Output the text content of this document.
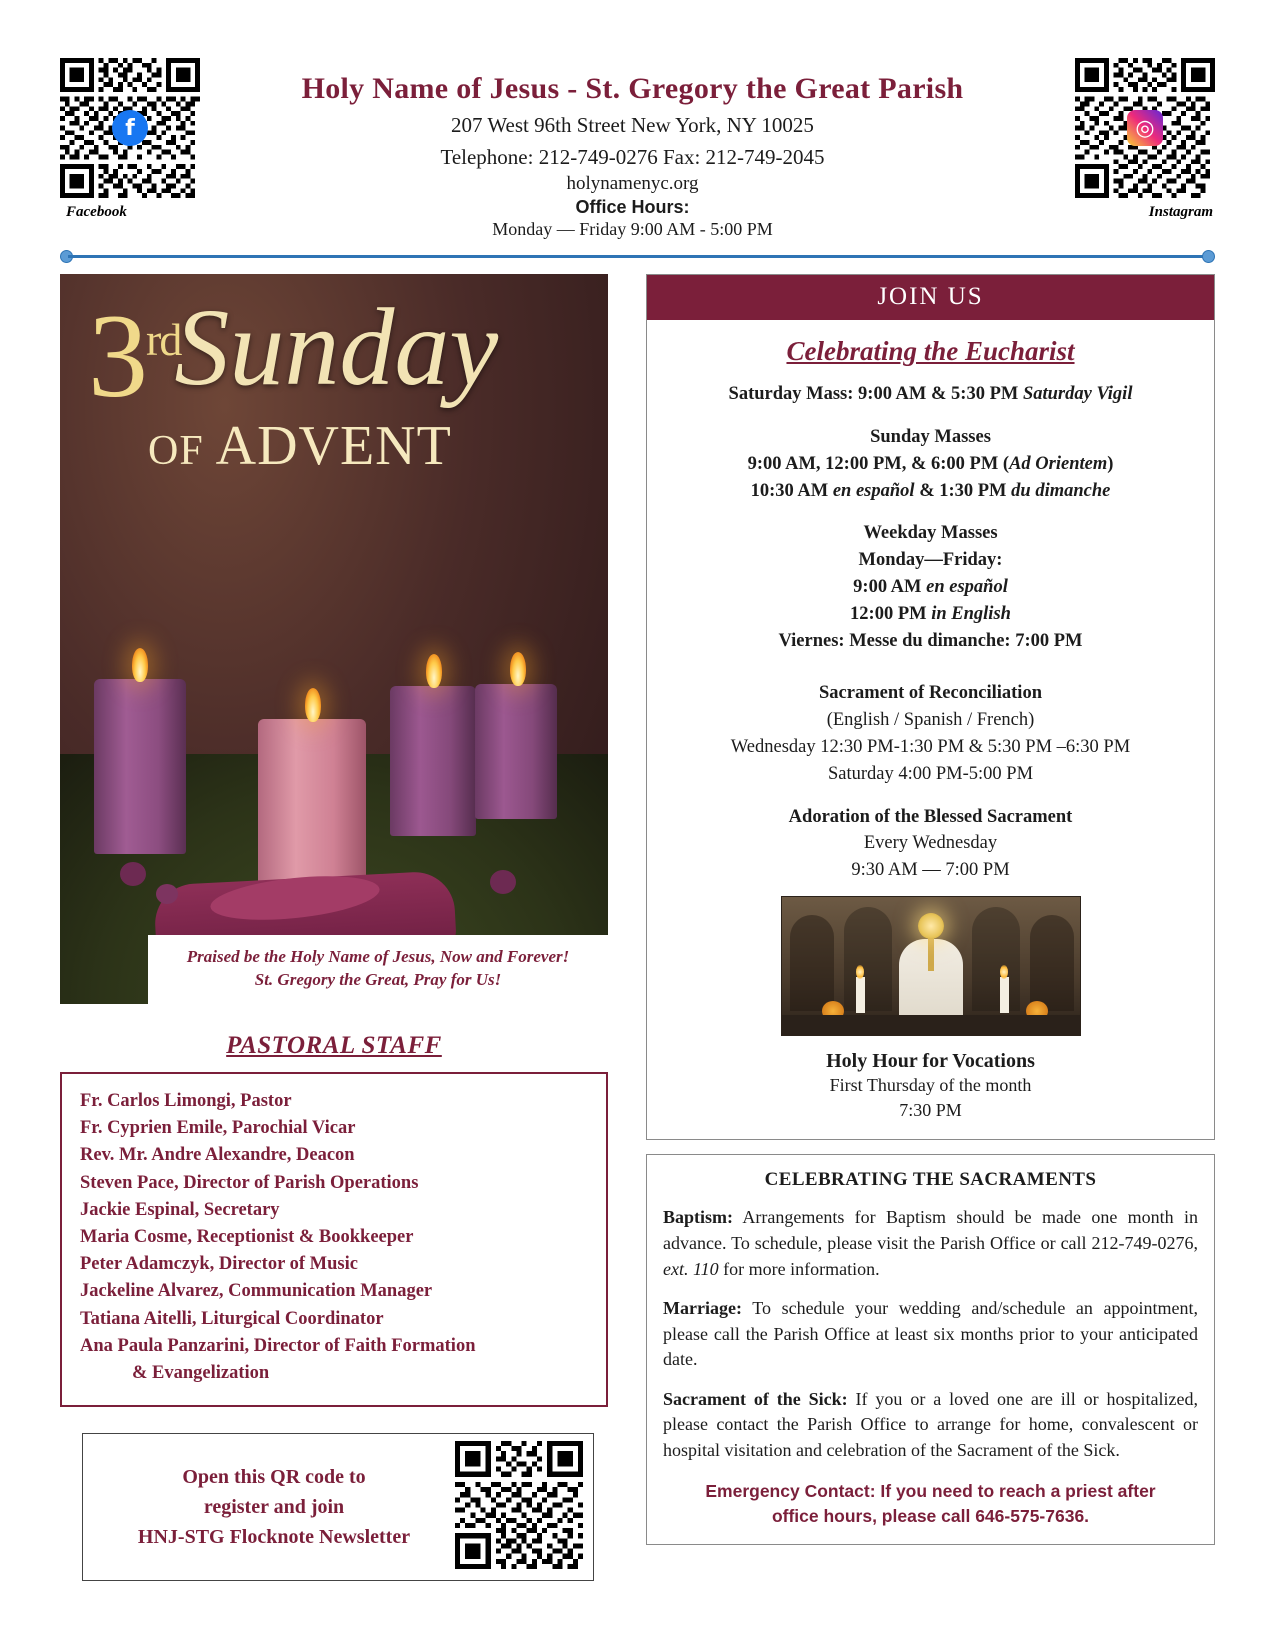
f
Facebook
Holy Name of Jesus - St. Gregory the Great Parish
207 West 96th Street New York, NY 10025
Telephone: 212-749-0276 Fax: 212-749-2045
holynamenyc.org
Office Hours:
Monday — Friday 9:00 AM - 5:00 PM
◎
Instagram
3rdSunday
OF ADVENT
Praised be the Holy Name of Jesus, Now and Forever!
St. Gregory the Great, Pray for Us!
PASTORAL STAFF
Fr. Carlos Limongi, Pastor
Fr. Cyprien Emile, Parochial Vicar
Rev. Mr. Andre Alexandre, Deacon
Steven Pace, Director of Parish Operations
Jackie Espinal, Secretary
Maria Cosme, Receptionist & Bookkeeper
Peter Adamczyk, Director of Music
Jackeline Alvarez, Communication Manager
Tatiana Aitelli, Liturgical Coordinator
Ana Paula Panzarini, Director of Faith Formation
& Evangelization
Open this QR code to
register and join
HNJ-STG Flocknote Newsletter
JOIN US
Celebrating the Eucharist
Saturday Mass: 9:00 AM & 5:30 PM Saturday Vigil
Sunday Masses
9:00 AM, 12:00 PM, & 6:00 PM (Ad Orientem)
10:30 AM en español & 1:30 PM du dimanche
Weekday Masses
Monday—Friday:
9:00 AM en español
12:00 PM in English
Viernes: Messe du dimanche: 7:00 PM
Sacrament of Reconciliation
(English / Spanish / French)
Wednesday 12:30 PM-1:30 PM & 5:30 PM –6:30 PM
Saturday 4:00 PM-5:00 PM
Adoration of the Blessed Sacrament
Every Wednesday
9:30 AM — 7:00 PM
Holy Hour for Vocations
First Thursday of the month
7:30 PM
CELEBRATING THE SACRAMENTS
Baptism: Arrangements for Baptism should be made one month in advance. To schedule, please visit the Parish Office or call 212-749-0276, ext. 110 for more information.
Marriage: To schedule your wedding and/schedule an appointment, please call the Parish Office at least six months prior to your anticipated date.
Sacrament of the Sick: If you or a loved one are ill or hospitalized, please contact the Parish Office to arrange for home, convalescent or hospital visitation and celebration of the Sacrament of the Sick.
Emergency Contact: If you need to reach a priest after
office hours, please call 646-575-7636.
